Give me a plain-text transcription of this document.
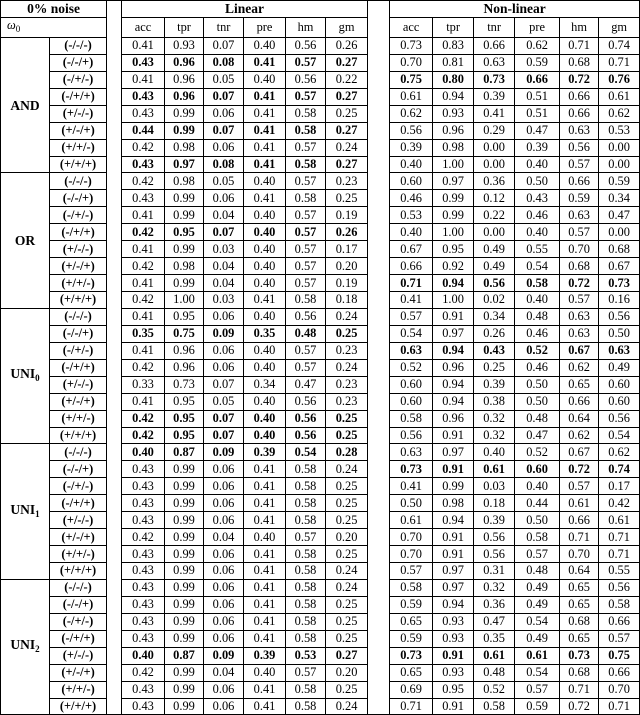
0% noise			Linear							Non-linear					
$\omega_0$			acc	tpr	tnr	pre	hm	gm		acc	tpr	tnr	pre	hm	gm
AND	(-/-/-)		0.41	0.93	0.07	0.40	0.56	0.26		0.73	0.83	0.66	0.62	0.71	0.74
	(-/-/+)		0.43	0.96	0.08	0.41	0.57	0.27		0.70	0.81	0.63	0.59	0.68	0.71
	(-/+/-)		0.41	0.96	0.05	0.40	0.56	0.22		0.75	0.80	0.73	0.66	0.72	0.76
	(-/+/+)		0.43	0.96	0.07	0.41	0.57	0.27		0.61	0.94	0.39	0.51	0.66	0.61
	(+/-/-)		0.43	0.99	0.06	0.41	0.58	0.25		0.62	0.93	0.41	0.51	0.66	0.62
	(+/-/+)		0.44	0.99	0.07	0.41	0.58	0.27		0.56	0.96	0.29	0.47	0.63	0.53
	(+/+/-)		0.42	0.98	0.06	0.41	0.57	0.24		0.39	0.98	0.00	0.39	0.56	0.00
	(+/+/+)		0.43	0.97	0.08	0.41	0.58	0.27		0.40	1.00	0.00	0.40	0.57	0.00
OR	(-/-/-)		0.42	0.98	0.05	0.40	0.57	0.23		0.60	0.97	0.36	0.50	0.66	0.59
	(-/-/+)		0.43	0.99	0.06	0.41	0.58	0.25		0.46	0.99	0.12	0.43	0.59	0.34
	(-/+/-)		0.41	0.99	0.04	0.40	0.57	0.19		0.53	0.99	0.22	0.46	0.63	0.47
	(-/+/+)		0.42	0.95	0.07	0.40	0.57	0.26		0.40	1.00	0.00	0.40	0.57	0.00
	(+/-/-)		0.41	0.99	0.03	0.40	0.57	0.17		0.67	0.95	0.49	0.55	0.70	0.68
	(+/-/+)		0.42	0.98	0.04	0.40	0.57	0.20		0.66	0.92	0.49	0.54	0.68	0.67
	(+/+/-)		0.41	0.99	0.04	0.40	0.57	0.19		0.71	0.94	0.56	0.58	0.72	0.73
	(+/+/+)		0.42	1.00	0.03	0.41	0.58	0.18		0.41	1.00	0.02	0.40	0.57	0.16
$UNI_0$	(-/-/-)		0.41	0.95	0.06	0.40	0.56	0.24		0.57	0.91	0.34	0.48	0.63	0.56
	(-/-/+)		0.35	0.75	0.09	0.35	0.48	0.25		0.54	0.97	0.26	0.46	0.63	0.50
	(-/+/-)		0.41	0.96	0.06	0.40	0.57	0.23		0.63	0.94	0.43	0.52	0.67	0.63
	(-/+/+)		0.42	0.96	0.06	0.40	0.57	0.24		0.52	0.96	0.25	0.46	0.62	0.49
	(+/-/-)		0.33	0.73	0.07	0.34	0.47	0.23		0.60	0.94	0.39	0.50	0.65	0.60
	(+/-/+)		0.41	0.95	0.05	0.40	0.56	0.23		0.60	0.94	0.38	0.50	0.66	0.60
	(+/+/-)		0.42	0.95	0.07	0.40	0.56	0.25		0.58	0.96	0.32	0.48	0.64	0.56
	(+/+/+)		0.42	0.95	0.07	0.40	0.56	0.25		0.56	0.91	0.32	0.47	0.62	0.54
$UNI_1$	(-/-/-)		0.40	0.87	0.09	0.39	0.54	0.28		0.63	0.97	0.40	0.52	0.67	0.62
	(-/-/+)		0.43	0.99	0.06	0.41	0.58	0.24		0.73	0.91	0.61	0.60	0.72	0.74
	(-/+/-)		0.43	0.99	0.06	0.41	0.58	0.25		0.41	0.99	0.03	0.40	0.57	0.17
	(-/+/+)		0.43	0.99	0.06	0.41	0.58	0.25		0.50	0.98	0.18	0.44	0.61	0.42
	(+/-/-)		0.43	0.99	0.06	0.41	0.58	0.25		0.61	0.94	0.39	0.50	0.66	0.61
	(+/-/+)		0.42	0.99	0.04	0.40	0.57	0.20		0.70	0.91	0.56	0.58	0.71	0.71
	(+/+/-)		0.43	0.99	0.06	0.41	0.58	0.25		0.70	0.91	0.56	0.57	0.70	0.71
	(+/+/+)		0.43	0.99	0.06	0.41	0.58	0.24		0.57	0.97	0.31	0.48	0.64	0.55
$UNI_2$	(-/-/-)		0.43	0.99	0.06	0.41	0.58	0.24		0.58	0.97	0.32	0.49	0.65	0.56
	(-/-/+)		0.43	0.99	0.06	0.41	0.58	0.25		0.59	0.94	0.36	0.49	0.65	0.58
	(-/+/-)		0.43	0.99	0.06	0.41	0.58	0.25		0.65	0.93	0.47	0.54	0.68	0.66
	(-/+/+)		0.43	0.99	0.06	0.41	0.58	0.25		0.59	0.93	0.35	0.49	0.65	0.57
	(+/-/-)		0.40	0.87	0.09	0.39	0.53	0.27		0.73	0.91	0.61	0.61	0.73	0.75
	(+/-/+)		0.42	0.99	0.04	0.40	0.57	0.20		0.65	0.93	0.48	0.54	0.68	0.66
	(+/+/-)		0.43	0.99	0.06	0.41	0.58	0.25		0.69	0.95	0.52	0.57	0.71	0.70
	(+/+/+)		0.43	0.99	0.06	0.41	0.58	0.24		0.71	0.91	0.58	0.59	0.72	0.71
